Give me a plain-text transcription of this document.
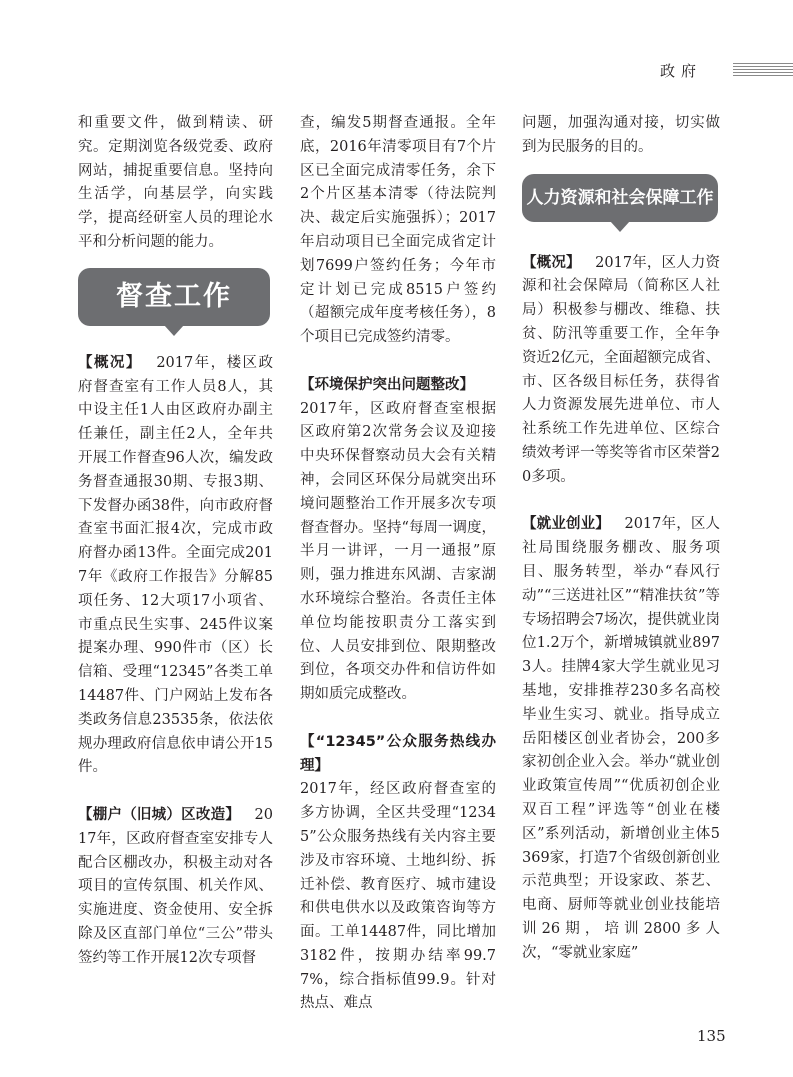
政府

和重要文件，做到精读、研究。定期浏览各级党委、政府网站，捕捉重要信息。坚持向生活学，向基层学，向实践学，提高经研室人员的理论水平和分析问题的能力。

督查工作

【概况】  2017年，楼区政府督查室有工作人员8人，其中设主任1人由区政府办副主任兼任，副主任2人，全年共开展工作督查96人次，编发政务督查通报30期、专报3期、下发督办函38件，向市政府督查室书面汇报4次，完成市政府督办函13件。全面完成2017年《政府工作报告》分解85项任务、12大项17小项省、市重点民生实事、245件议案提案办理、990件市（区）长信箱、受理“12345”各类工单14487件、门户网站上发布各类政务信息23535条，依法依规办理政府信息依申请公开15件。

【棚户（旧城）区改造】  2017年，区政府督查室安排专人配合区棚改办，积极主动对各项目的宣传氛围、机关作风、实施进度、资金使用、安全拆除及区直部门单位“三公”带头签约等工作开展12次专项督

查，编发5期督查通报。全年底，2016年清零项目有7个片区已全面完成清零任务，余下2个片区基本清零（待法院判决、裁定后实施强拆）；2017年启动项目已全面完成省定计划7699户签约任务；今年市定计划已完成8515户签约（超额完成年度考核任务），8个项目已完成签约清零。

【环境保护突出问题整改】
2017年，区政府督查室根据区政府第2次常务会议及迎接中央环保督察动员大会有关精神，会同区环保分局就突出环境问题整治工作开展多次专项督查督办。坚持“每周一调度，半月一讲评，一月一通报”原则，强力推进东风湖、吉家湖水环境综合整治。各责任主体单位均能按职责分工落实到位、人员安排到位、限期整改到位，各项交办件和信访件如期如质完成整改。

【“12345”公众服务热线办理】
2017年，经区政府督查室的多方协调，全区共受理“12345”公众服务热线有关内容主要涉及市容环境、土地纠纷、拆迁补偿、教育医疗、城市建设和供电供水以及政策咨询等方面。工单14487件，同比增加3182件，按期办结率99.77%，综合指标值99.9。针对热点、难点

问题，加强沟通对接，切实做到为民服务的目的。

人力资源和社会保障工作

【概况】  2017年，区人力资源和社会保障局（简称区人社局）积极参与棚改、维稳、扶贫、防汛等重要工作，全年争资近2亿元，全面超额完成省、市、区各级目标任务，获得省人力资源发展先进单位、市人社系统工作先进单位、区综合绩效考评一等奖等省市区荣誉20多项。

【就业创业】  2017年，区人社局围绕服务棚改、服务项目、服务转型，举办“春风行动”“三送进社区”“精准扶贫”等专场招聘会7场次，提供就业岗位1.2万个，新增城镇就业8973人。挂牌4家大学生就业见习基地，安排推荐230多名高校毕业生实习、就业。指导成立岳阳楼区创业者协会，200多家初创企业入会。举办“就业创业政策宣传周”“优质初创企业双百工程”评选等“创业在楼区”系列活动，新增创业主体5369家，打造7个省级创新创业示范典型；开设家政、茶艺、电商、厨师等就业创业技能培训26期，培训2800多人次，“零就业家庭”

135
